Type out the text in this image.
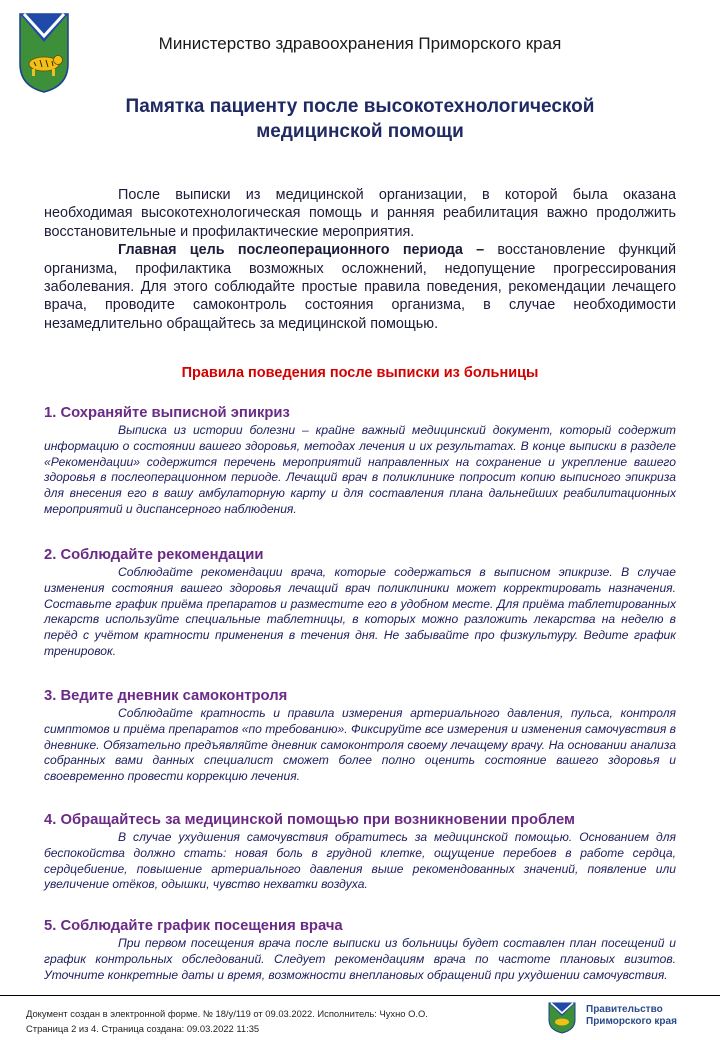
Министерство здравоохранения Приморского края
Памятка пациенту после высокотехнологической
медицинской помощи

После выписки из медицинской организации, в которой была оказана необходимая высокотехнологическая помощь и ранняя реабилитация важно продолжить восстановительные и профилактические мероприятия.

Главная цель послеоперационного периода – восстановление функций организма, профилактика возможных осложнений, недопущение прогрессирования заболевания. Для этого соблюдайте простые правила поведения, рекомендации лечащего врача, проводите самоконтроль состояния организма, в случае необходимости незамедлительно обращайтесь за медицинской помощью.

Правила поведения после выписки из больницы

1. Сохраняйте выписной эпикриз

Выписка из истории болезни – крайне важный медицинский документ, который содержит информацию о состоянии вашего здоровья, методах лечения и их результатах. В конце выписки в разделе «Рекомендации» содержится перечень мероприятий направленных на сохранение и укрепление вашего здоровья в послеоперационном периоде. Лечащий врач в поликлинике попросит копию выписного эпикриза для внесения его в вашу амбулаторную карту и для составления плана дальнейших реабилитационных мероприятий и диспансерного наблюдения.

2. Соблюдайте рекомендации

Соблюдайте рекомендации врача, которые содержаться в выписном эпикризе. В случае изменения состояния вашего здоровья лечащий врач поликлиники может корректировать назначения. Составьте график приёма препаратов и разместите его в удобном месте. Для приёма таблетированных лекарств используйте специальные таблетницы, в которых можно разложить лекарства на неделю в перёд с учётом кратности применения в течения дня. Не забывайте про физкультуру. Ведите график тренировок.

3. Ведите дневник самоконтроля

Соблюдайте кратность и правила измерения артериального давления, пульса, контроля симптомов и приёма препаратов «по требованию». Фиксируйте все измерения и изменения самочувствия в дневнике. Обязательно предъявляйте дневник самоконтроля своему лечащему врачу. На основании анализа собранных вами данных специалист сможет более полно оценить состояние вашего здоровья и своевременно провести коррекцию лечения.

4. Обращайтесь за медицинской помощью при возникновении проблем

В случае ухудшения самочувствия обратитесь за медицинской помощью. Основанием для беспокойства должно стать: новая боль в грудной клетке, ощущение перебоев в работе сердца, сердцебиение, повышение артериального давления выше рекомендованных значений, появление или увеличение отёков, одышки, чувство нехватки воздуха.

5. Соблюдайте график посещения врача

При первом посещения врача после выписки из больницы будет составлен план посещений и график контрольных обследований. Следует рекомендациям врача по частоте плановых визитов. Уточните конкретные даты и время, возможности внеплановых обращений при ухудшении самочувствия.

Документ создан в электронной форме. № 18/у/119 от 09.03.2022. Исполнитель: Чухно О.О.
Страница 2 из 4. Страница создана: 09.03.2022 11:35
Правительство
Приморского края
